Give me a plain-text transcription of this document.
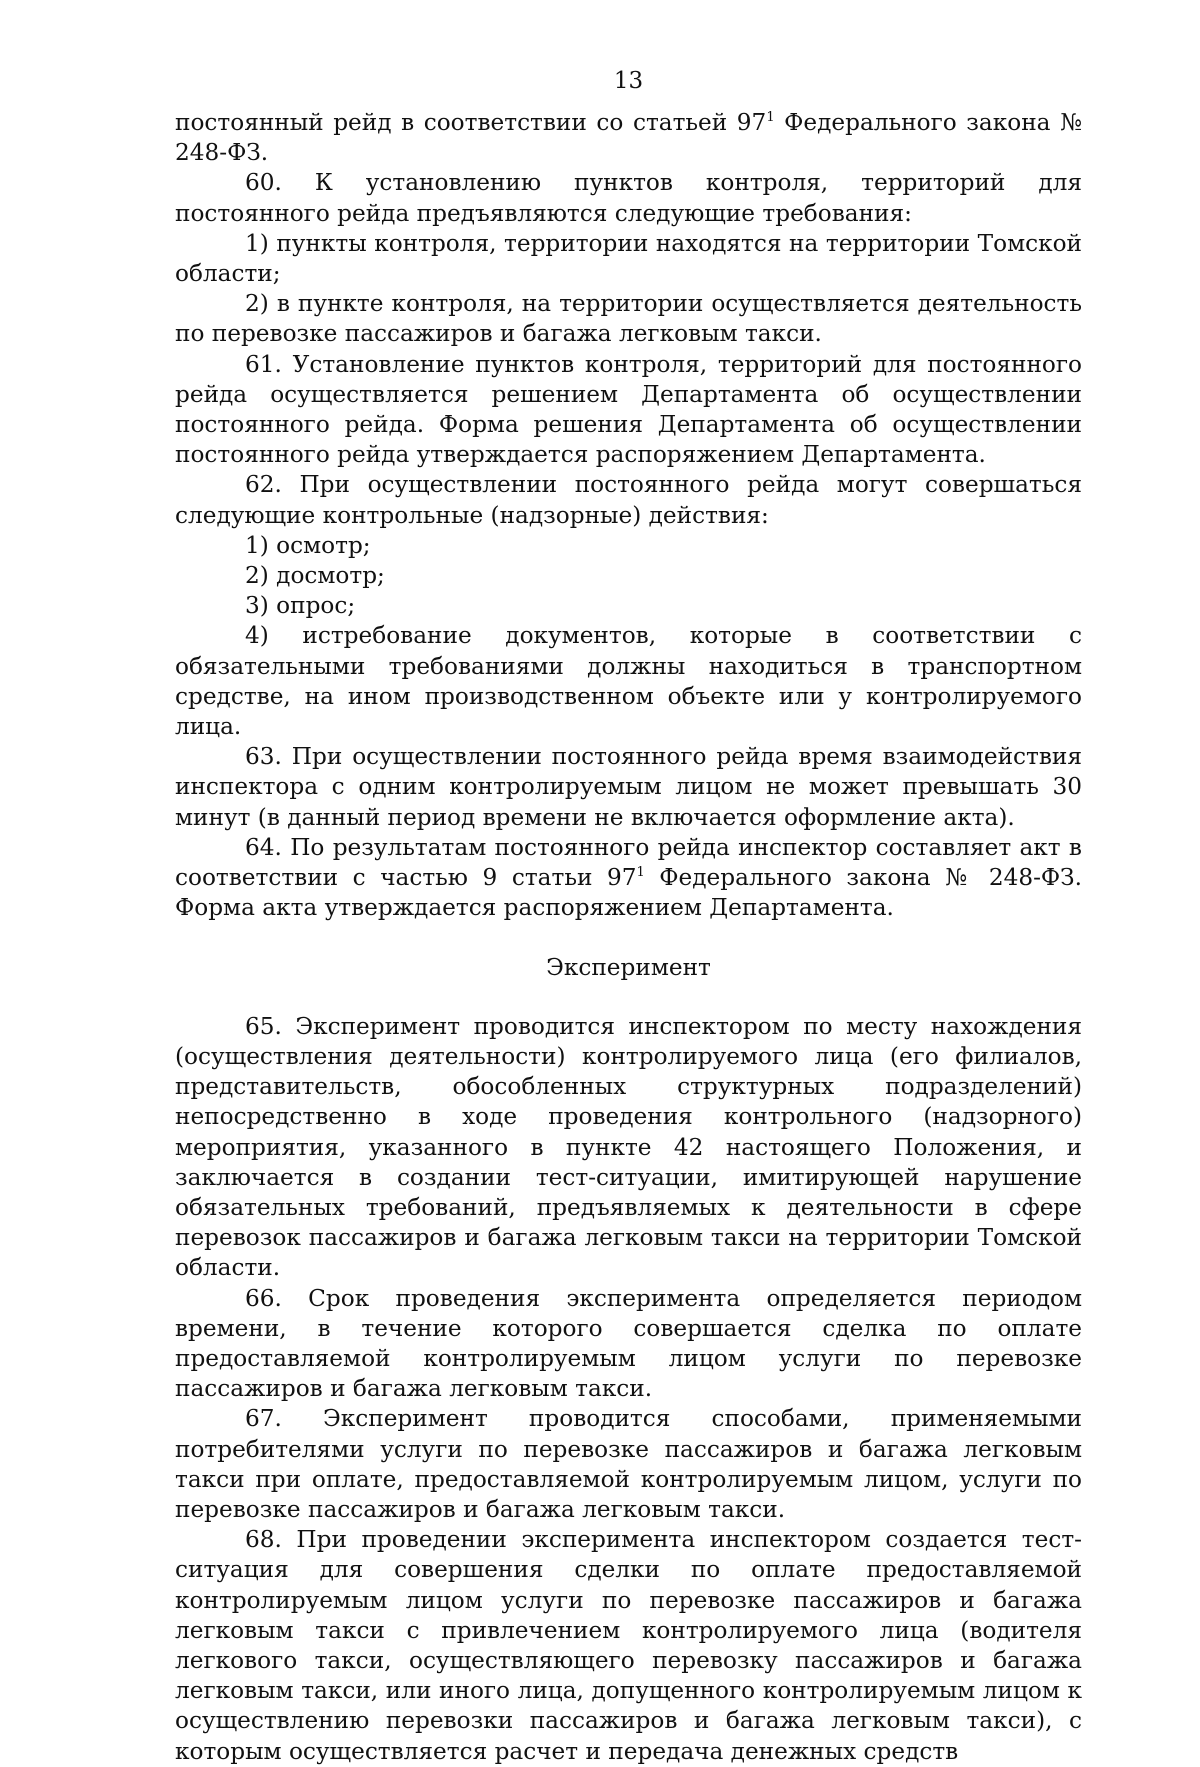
13

постоянный рейд в соответствии со статьей $97^1$ Федерального закона № 248-ФЗ.

60. К установлению пунктов контроля, территорий для постоянного рейда предъявляются следующие требования:

1) пункты контроля, территории находятся на территории Томской области;

2) в пункте контроля, на территории осуществляется деятельность по перевозке пассажиров и багажа легковым такси.

61. Установление пунктов контроля, территорий для постоянного рейда осуществляется решением Департамента об осуществлении постоянного рейда. Форма решения Департамента об осуществлении постоянного рейда утверждается распоряжением Департамента.

62. При осуществлении постоянного рейда могут совершаться следующие контрольные (надзорные) действия:

1) осмотр;

2) досмотр;

3) опрос;

4) истребование документов, которые в соответствии с обязательными требованиями должны находиться в транспортном средстве, на ином производственном объекте или у контролируемого лица.

63. При осуществлении постоянного рейда время взаимодействия инспектора с одним контролируемым лицом не может превышать 30 минут (в данный период времени не включается оформление акта).

64. По результатам постоянного рейда инспектор составляет акт в соответствии с частью 9 статьи $97^1$ Федерального закона № 248-ФЗ. Форма акта утверждается распоряжением Департамента.

Эксперимент

65. Эксперимент проводится инспектором по месту нахождения (осуществления деятельности) контролируемого лица (его филиалов, представительств, обособленных структурных подразделений) непосредственно в ходе проведения контрольного (надзорного) мероприятия, указанного в пункте 42 настоящего Положения, и заключается в создании тест-ситуации, имитирующей нарушение обязательных требований, предъявляемых к деятельности в сфере перевозок пассажиров и багажа легковым такси на территории Томской области.

66. Срок проведения эксперимента определяется периодом времени, в течение которого совершается сделка по оплате предоставляемой контролируемым лицом услуги по перевозке пассажиров и багажа легковым такси.

67. Эксперимент проводится способами, применяемыми потребителями услуги по перевозке пассажиров и багажа легковым такси при оплате, предоставляемой контролируемым лицом, услуги по перевозке пассажиров и багажа легковым такси.

68. При проведении эксперимента инспектором создается тест-ситуация для совершения сделки по оплате предоставляемой контролируемым лицом услуги по перевозке пассажиров и багажа легковым такси с привлечением контролируемого лица (водителя легкового такси, осуществляющего перевозку пассажиров и багажа легковым такси, или иного лица, допущенного контролируемым лицом к осуществлению перевозки пассажиров и багажа легковым такси), с которым осуществляется расчет и передача денежных средств
